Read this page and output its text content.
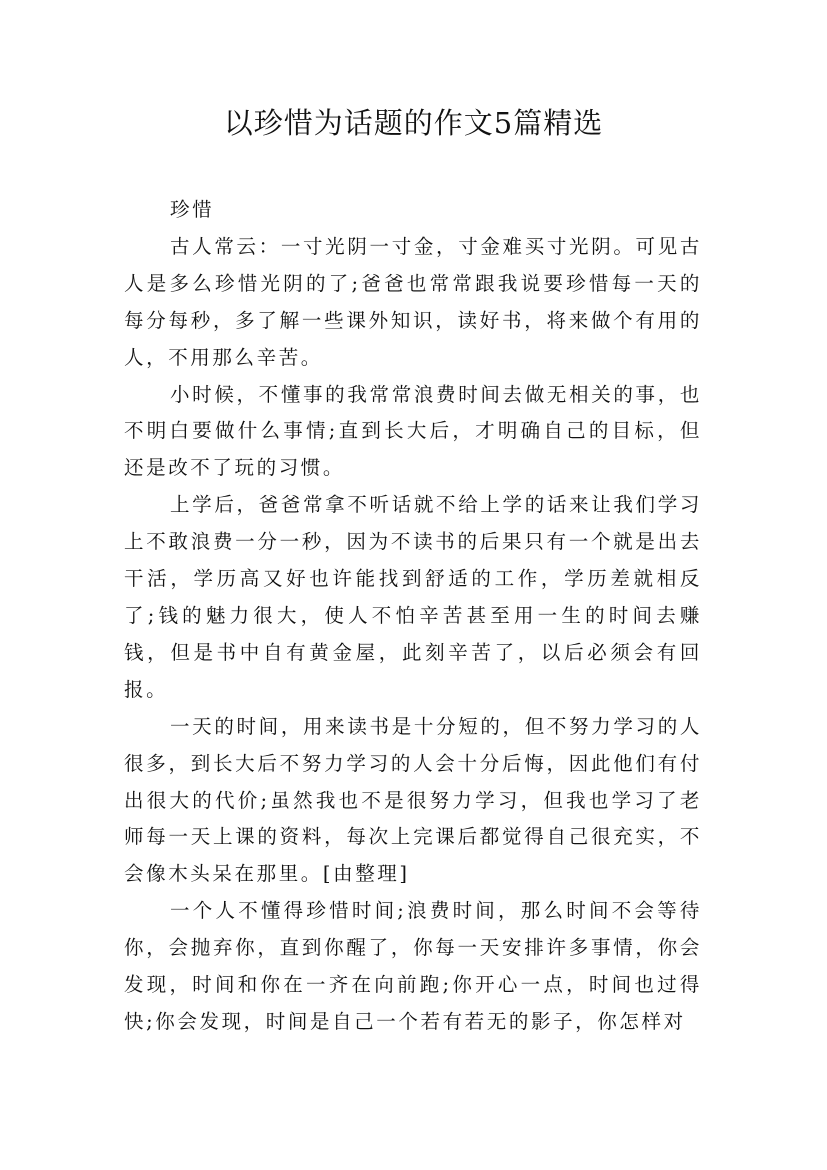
以珍惜为话题的作文5篇精选

珍惜

古人常云：一寸光阴一寸金，寸金难买寸光阴。可见古人是多么珍惜光阴的了;爸爸也常常跟我说要珍惜每一天的每分每秒，多了解一些课外知识，读好书，将来做个有用的人，不用那么辛苦。

小时候，不懂事的我常常浪费时间去做无相关的事，也不明白要做什么事情;直到长大后，才明确自己的目标，但还是改不了玩的习惯。

上学后，爸爸常拿不听话就不给上学的话来让我们学习上不敢浪费一分一秒，因为不读书的后果只有一个就是出去干活，学历高又好也许能找到舒适的工作，学历差就相反了;钱的魅力很大，使人不怕辛苦甚至用一生的时间去赚钱，但是书中自有黄金屋，此刻辛苦了，以后必须会有回报。

一天的时间，用来读书是十分短的，但不努力学习的人很多，到长大后不努力学习的人会十分后悔，因此他们有付出很大的代价;虽然我也不是很努力学习，但我也学习了老师每一天上课的资料，每次上完课后都觉得自己很充实，不会像木头呆在那里。[由整理]

一个人不懂得珍惜时间;浪费时间，那么时间不会等待你，会抛弃你，直到你醒了，你每一天安排许多事情，你会发现，时间和你在一齐在向前跑;你开心一点，时间也过得快;你会发现，时间是自己一个若有若无的影子，你怎样对
